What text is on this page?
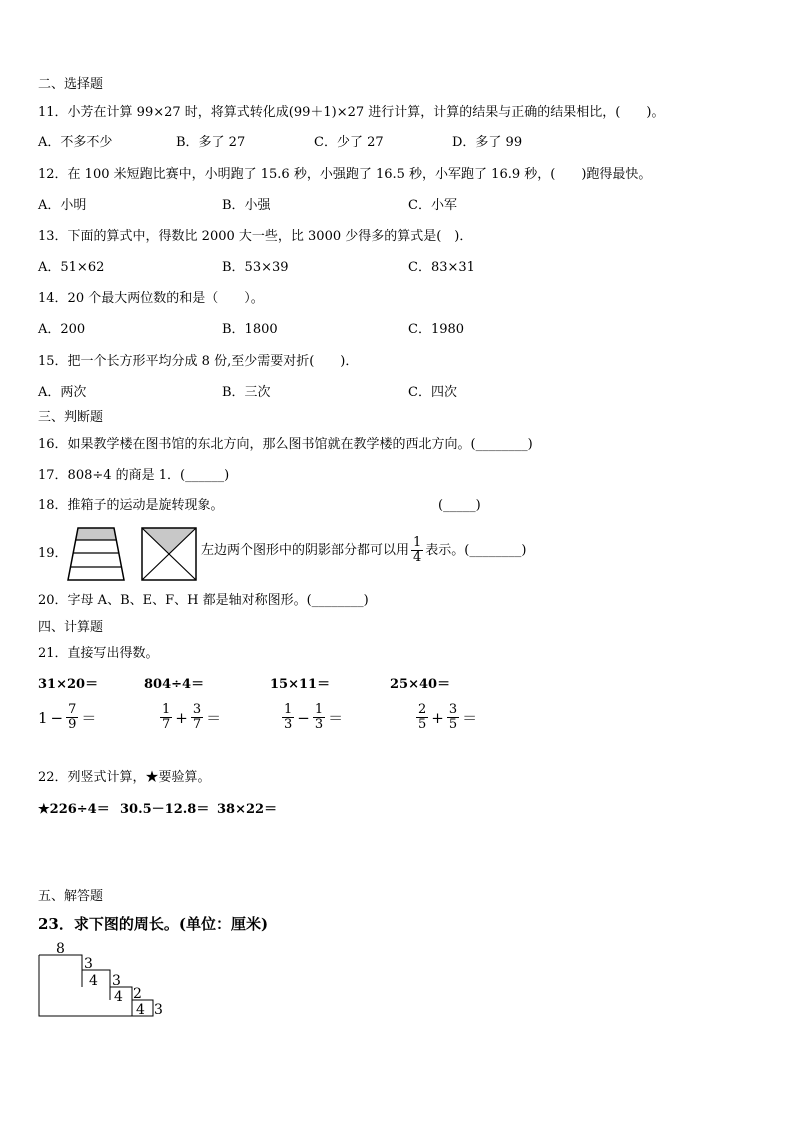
二、选择题
11．小芳在计算 99×27 时，将算式转化成(99＋1)×27 进行计算，计算的结果与正确的结果相比，(　　)。
A．不多不少	B．多了 27	C．少了 27	D．多了 99
12．在 100 米短跑比赛中，小明跑了 15.6 秒，小强跑了 16.5 秒，小军跑了 16.9 秒，(　　)跑得最快。
A．小明	B．小强	C．小军
13．下面的算式中，得数比 2000 大一些，比 3000 少得多的算式是(　)．
A．51×62	B．53×39	C．83×31
14．20 个最大两位数的和是（　　）。
A．200	B．1800	C．1980
15．把一个长方形平均分成 8 份,至少需要对折(　　)．
A．两次	B．三次	C．四次
三、判断题
16．如果教学楼在图书馆的东北方向，那么图书馆就在教学楼的西北方向。(________)
17．808÷4 的商是 1．(______)
18．推箱子的运动是旋转现象。	(_____)
19．	左边两个图形中的阴影部分都可以用 $\frac{1}{4}$ 表示。(________)
20．字母 A、B、E、F、H 都是轴对称图形。(________)
四、计算题
21．直接写出得数。
31×20＝	804÷4＝	15×11＝	25×40＝
$1 - \frac{7}{9}$ ＝	$\frac{1}{7} + \frac{3}{7}$ ＝	$\frac{1}{3} - \frac{1}{3}$ ＝	$\frac{2}{5} + \frac{3}{5}$ ＝
22．列竖式计算，★要验算。
★226÷4＝ 30.5－12.8＝ 38×22＝
五、解答题
23．求下图的周长。(单位：厘米)
8
3
4 3
4 2
4 3
